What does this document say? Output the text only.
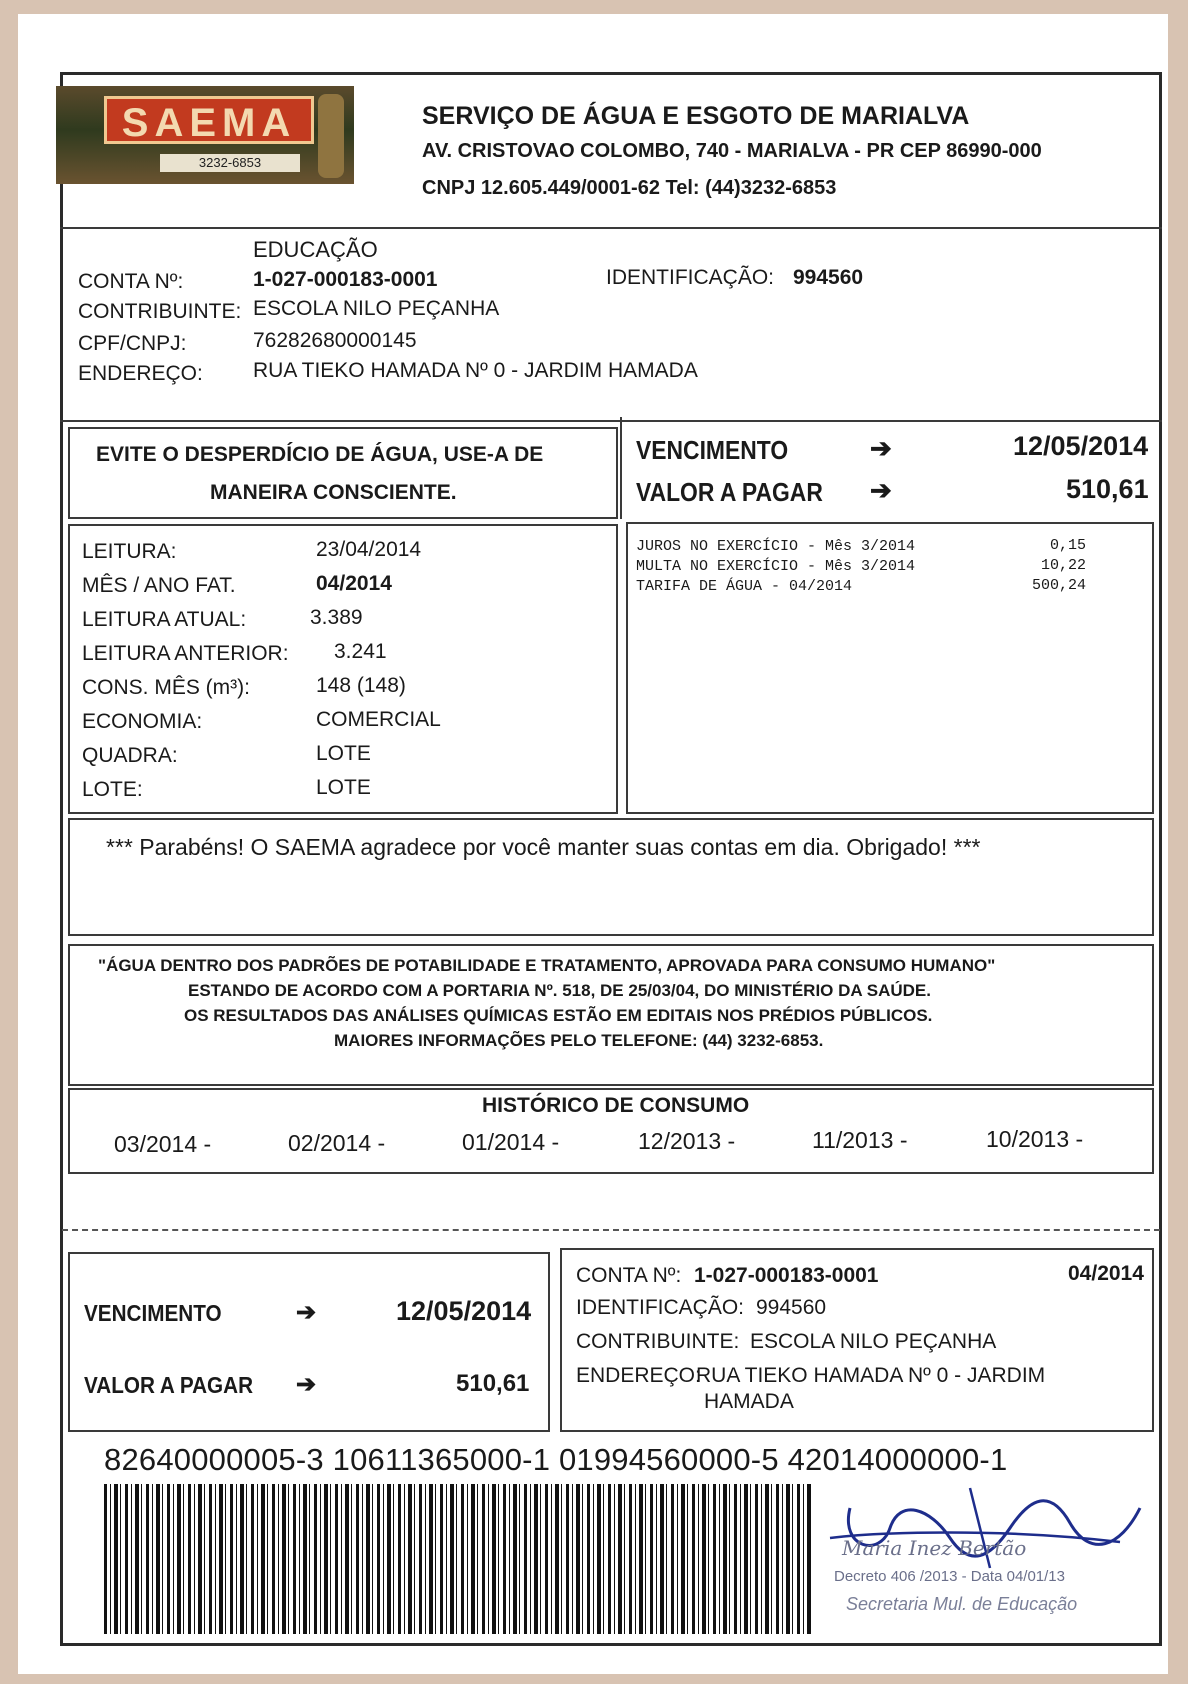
SAEMA
3232-6853
SERVIÇO DE ÁGUA E ESGOTO DE MARIALVA
AV. CRISTOVAO COLOMBO, 740 - MARIALVA - PR CEP 86990-000
CNPJ 12.605.449/0001-62 Tel: (44)3232-6853
EDUCAÇÃO
CONTA Nº:	1-027-000183-0001	IDENTIFICAÇÃO: 994560
CONTRIBUINTE: ESCOLA NILO PEÇANHA
CPF/CNPJ:	76282680000145
ENDEREÇO: RUA TIEKO HAMADA Nº 0 - JARDIM HAMADA
EVITE O DESPERDÍCIO DE ÁGUA, USE-A DE
MANEIRA CONSCIENTE.
VENCIMENTO	➔	12/05/2014
VALOR A PAGAR ➔	510,61
LEITURA:	23/04/2014
MÊS / ANO FAT.	04/2014
LEITURA ATUAL:	3.389
LEITURA ANTERIOR: 3.241
CONS. MÊS (m³):	148 (148)
ECONOMIA:	COMERCIAL
QUADRA:	LOTE
LOTE:	LOTE
JUROS NO EXERCÍCIO - Mês 3/2014	0,15
MULTA NO EXERCÍCIO - Mês 3/2014	10,22
TARIFA DE ÁGUA - 04/2014	500,24
*** Parabéns! O SAEMA agradece por você manter suas contas em dia. Obrigado! ***
"ÁGUA DENTRO DOS PADRÕES DE POTABILIDADE E TRATAMENTO, APROVADA PARA CONSUMO HUMANO"
ESTANDO DE ACORDO COM A PORTARIA Nº. 518, DE 25/03/04, DO MINISTÉRIO DA SAÚDE.
OS RESULTADOS DAS ANÁLISES QUÍMICAS ESTÃO EM EDITAIS NOS PRÉDIOS PÚBLICOS.
MAIORES INFORMAÇÕES PELO TELEFONE: (44) 3232-6853.
HISTÓRICO DE CONSUMO
03/2014 -	02/2014 -	01/2014 -	12/2013 -	11/2013 -	10/2013 -
VENCIMENTO	➔	12/05/2014
VALOR A PAGAR ➔	510,61
CONTA Nº: 1-027-000183-0001	04/2014
IDENTIFICAÇÃO: 994560
CONTRIBUINTE: ESCOLA NILO PEÇANHA
ENDEREÇO:
RUA TIEKO HAMADA Nº 0 - JARDIM
HAMADA
82640000005-3 10611365000-1 01994560000-5 42014000000-1
Maria Inez Bertão
Decreto 406 /2013 - Data 04/01/13
Secretaria Mul. de Educação
